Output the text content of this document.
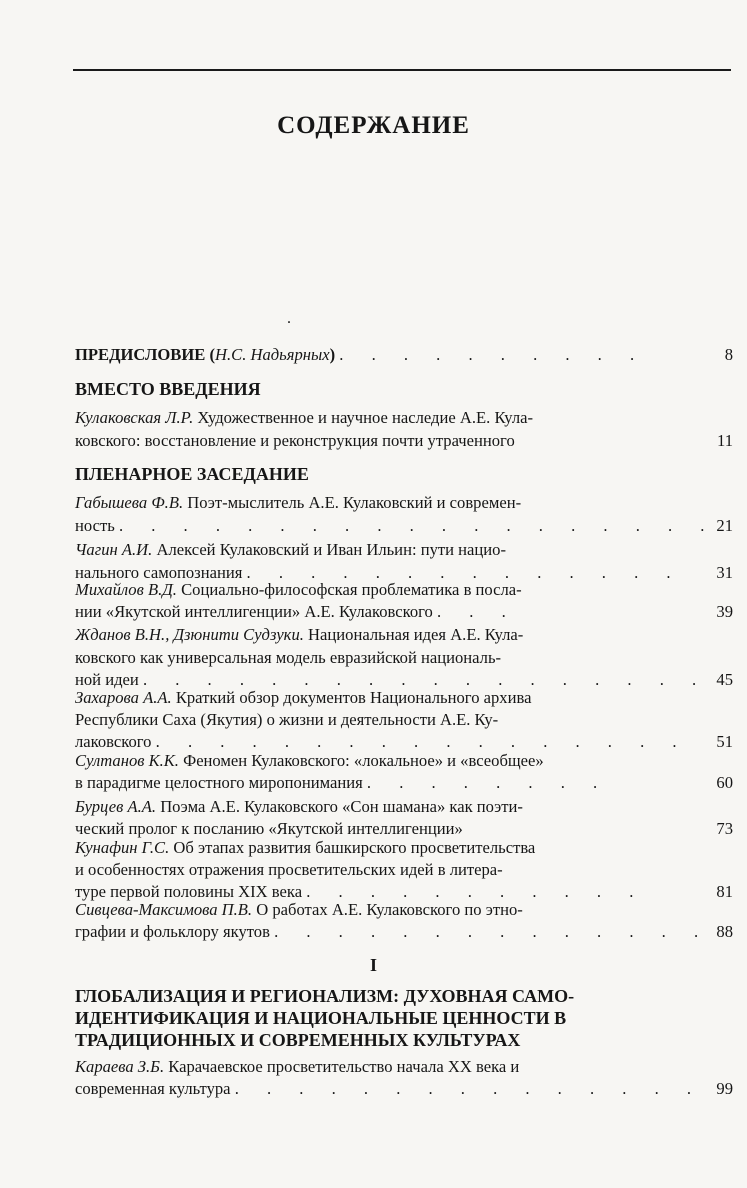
СОДЕРЖАНИЕ
.
ПРЕДИСЛОВИЕ (Н.С. Надьярных) . . . . . . . . . .	8
ВМЕСТО ВВЕДЕНИЯ
Кулаковская Л.Р. Художественное и научное наследие А.Е. Кула-
ковского: восстановление и реконструкция почти утраченного	11
ПЛЕНАРНОЕ ЗАСЕДАНИЕ
Габышева Ф.В. Поэт-мыслитель А.Е. Кулаковский и современ-
ность . . . . . . . . . . . . . . . . . . . 21
Чагин А.И. Алексей Кулаковский и Иван Ильин: пути нацио-
нального самопознания . . . . . . . . . . . . . . 31
Михайлов В.Д. Социально-философская проблематика в посла-
нии «Якутской интеллигенции» А.Е. Кулаковского . . .	39
Жданов В.Н., Дзюнити Судзуки. Национальная идея А.Е. Кула-
ковского как универсальная модель евразийской националь-
ной идеи . . . . . . . . . . . . . . . . . . 45
Захарова А.А. Краткий обзор документов Национального архива
Республики Саха (Якутия) о жизни и деятельности А.Е. Ку-
лаковского . . . . . . . . . . . . . . . . . 51
Султанов К.К. Феномен Кулаковского: «локальное» и «всеобщее»
в парадигме целостного миропонимания . . . . . . . .	60
Бурцев А.А. Поэма А.Е. Кулаковского «Сон шамана» как поэти-
ческий пролог к посланию «Якутской интеллигенции»	73
Кунафин Г.С. Об этапах развития башкирского просветительства
и особенностях отражения просветительских идей в литера-
туре первой половины XIX века . . . . . . . . . . .	81
Сивцева-Максимова П.В. О работах А.Е. Кулаковского по этно-
графии и фольклору якутов . . . . . . . . . . . . . . 88
I
ГЛОБАЛИЗАЦИЯ И РЕГИОНАЛИЗМ: ДУХОВНАЯ САМО-
ИДЕНТИФИКАЦИЯ И НАЦИОНАЛЬНЫЕ ЦЕННОСТИ В
ТРАДИЦИОННЫХ И СОВРЕМЕННЫХ КУЛЬТУРАХ
Караева З.Б. Карачаевское просветительство начала XX века и
современная культура . . . . . . . . . . . . . . . 99
